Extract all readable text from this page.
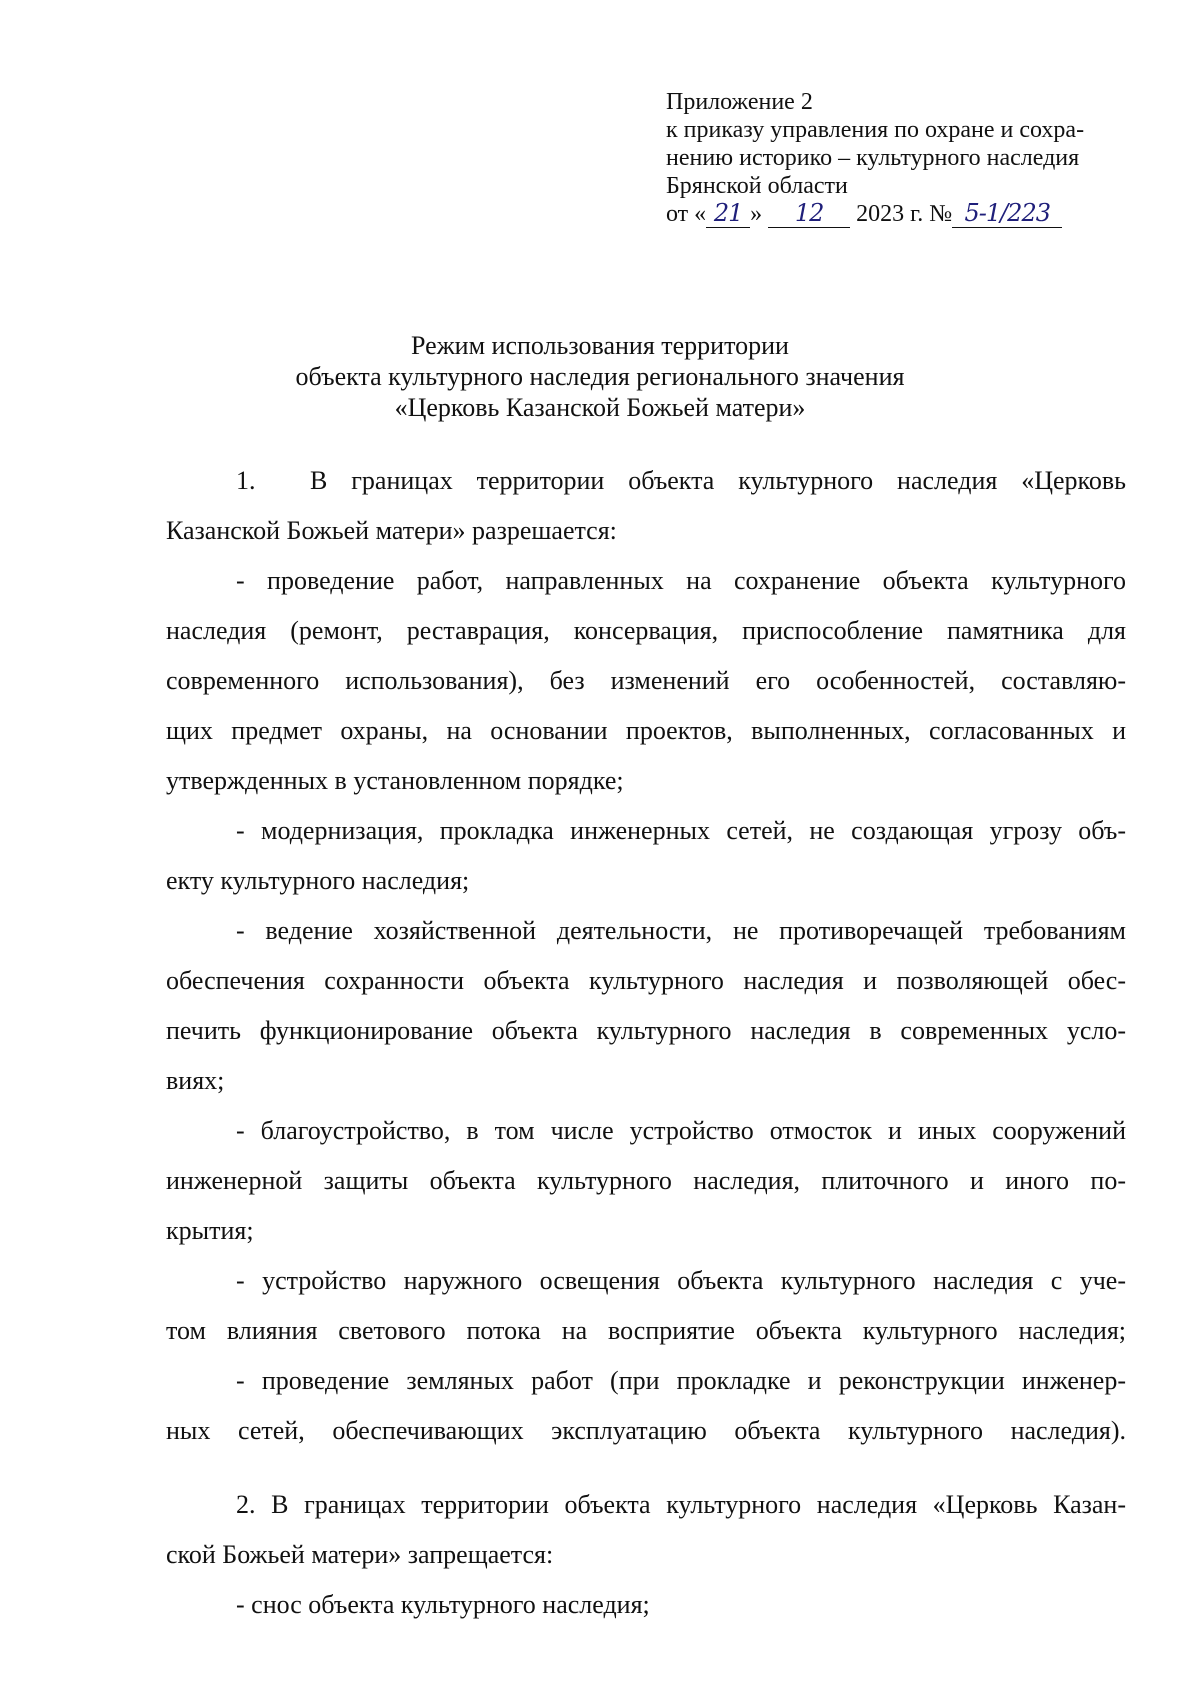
Приложение 2
к приказу управления по охране и сохра-
нению историко – культурного наследия
Брянской области
от « 21 » 12 2023 г. № 5-1/223
Режим использования территории
объекта культурного наследия регионального значения
«Церковь Казанской Божьей матери»
1. В границах территории объекта культурного наследия «Церковь
Казанской Божьей матери» разрешается:
- проведение работ, направленных на сохранение объекта культурного
наследия (ремонт, реставрация, консервация, приспособление памятника для
современного использования), без изменений его особенностей, составляю-
щих предмет охраны, на основании проектов, выполненных, согласованных и
утвержденных в установленном порядке;
- модернизация, прокладка инженерных сетей, не создающая угрозу объ-
екту культурного наследия;
- ведение хозяйственной деятельности, не противоречащей требованиям
обеспечения сохранности объекта культурного наследия и позволяющей обес-
печить функционирование объекта культурного наследия в современных усло-
виях;
- благоустройство, в том числе устройство отмосток и иных сооружений
инженерной защиты объекта культурного наследия, плиточного и иного по-
крытия;
- устройство наружного освещения объекта культурного наследия с уче-
том влияния светового потока на восприятие объекта культурного наследия;
- проведение земляных работ (при прокладке и реконструкции инженер-
ных сетей, обеспечивающих эксплуатацию объекта культурного наследия).
2. В границах территории объекта культурного наследия «Церковь Казан-
ской Божьей матери» запрещается:
- снос объекта культурного наследия;
